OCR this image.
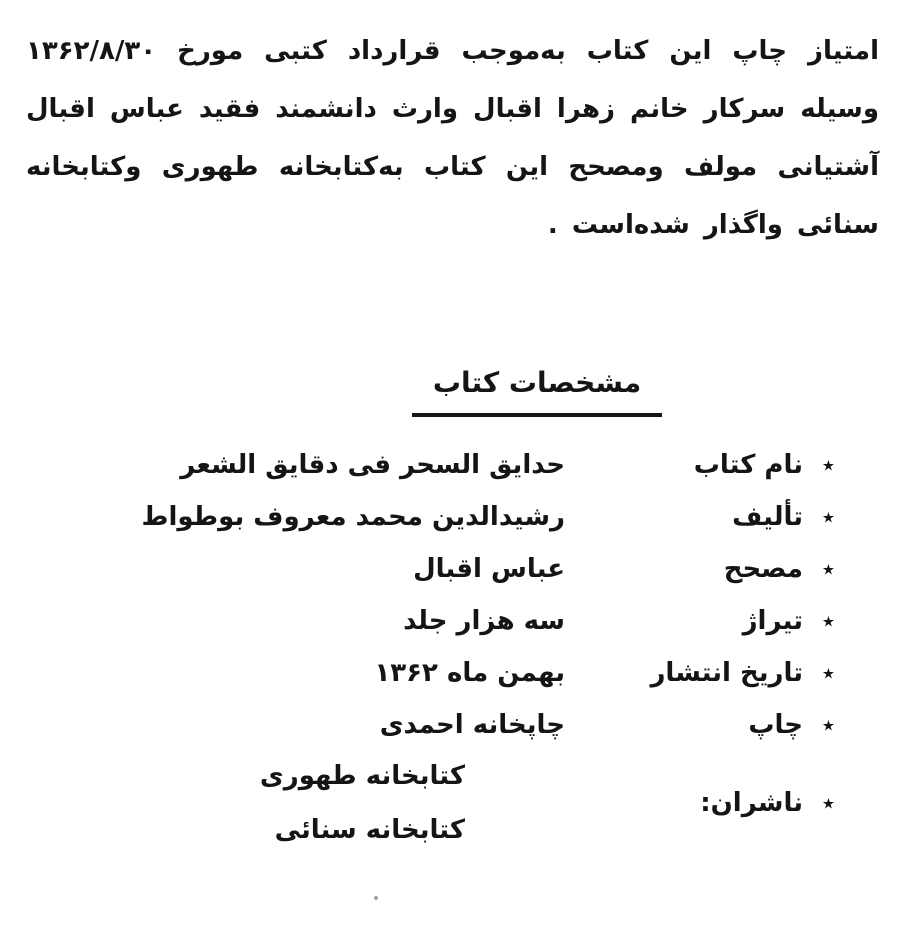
امتیاز چاپ این کتاب به‌موجب قرارداد کتبی مورخ ۱۳۶۲/۸/۳۰
وسیله سرکار خانم زهرا اقبال وارث دانشمند فقید عباس اقبال
آشتیانی مولف ومصحح این کتاب به‌کتابخانه طهوری وکتابخانه
سنائی واگذار شده‌است .
مشخصات کتاب
٭
نام کتاب
حدایق السحر فی دقایق الشعر
٭
تألیف
رشیدالدین محمد معروف بوطواط
٭
مصحح
عباس اقبال
٭
تیراژ
سه هزار جلد
٭
تاریخ انتشار
بهمن ماه ۱۳۶۲
٭
چاپ
چاپخانه احمدی
٭
ناشران:
کتابخانه طهوری
کتابخانه سنائی
